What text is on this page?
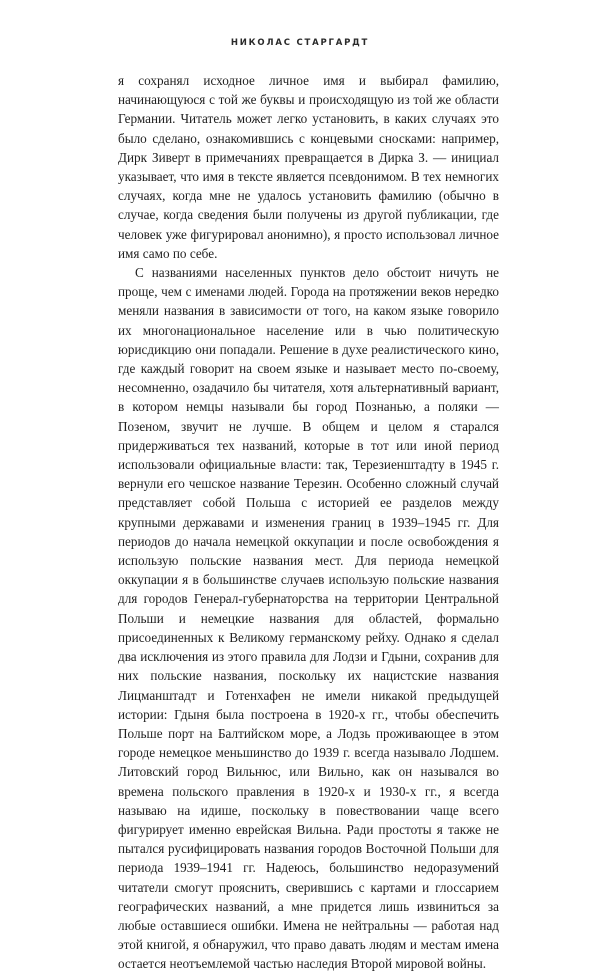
НИКОЛАС СТАРГАРДТ

я сохранял исходное личное имя и выбирал фамилию, начинающуюся с той же буквы и происходящую из той же области Германии. Читатель может легко установить, в каких случаях это было сделано, ознакомившись с концевыми сносками: например, Дирк Зиверт в примечаниях превращается в Дирка З. — инициал указывает, что имя в тексте является псевдонимом. В тех немногих случаях, когда мне не удалось установить фамилию (обычно в случае, когда сведения были получены из другой публикации, где человек уже фигурировал анонимно), я просто использовал личное имя само по себе.

С названиями населенных пунктов дело обстоит ничуть не проще, чем с именами людей. Города на протяжении веков нередко меняли названия в зависимости от того, на каком языке говорило их многонациональное население или в чью политическую юрисдикцию они попадали. Решение в духе реалистического кино, где каждый говорит на своем языке и называет место по-своему, несомненно, озадачило бы читателя, хотя альтернативный вариант, в котором немцы называли бы город Познанью, а поляки — Позеном, звучит не лучше. В общем и целом я старался придерживаться тех названий, которые в тот или иной период использовали официальные власти: так, Терезиенштадту в 1945 г. вернули его чешское название Терезин. Особенно сложный случай представляет собой Польша с историей ее разделов между крупными державами и изменения границ в 1939–1945 гг. Для периодов до начала немецкой оккупации и после освобождения я использую польские названия мест. Для периода немецкой оккупации я в большинстве случаев использую польские названия для городов Генерал-губернаторства на территории Центральной Польши и немецкие названия для областей, формально присоединенных к Великому германскому рейху. Однако я сделал два исключения из этого правила для Лодзи и Гдыни, сохранив для них польские названия, поскольку их нацистские названия Лицманштадт и Готенхафен не имели никакой предыдущей истории: Гдыня была построена в 1920-х гг., чтобы обеспечить Польше порт на Балтийском море, а Лодзь проживающее в этом городе немецкое меньшинство до 1939 г. всегда называло Лодшем. Литовский город Вильнюс, или Вильно, как он назывался во времена польского правления в 1920-х и 1930-х гг., я всегда называю на идише, поскольку в повествовании чаще всего фигурирует именно еврейская Вильна. Ради простоты я также не пытался русифицировать названия городов Восточной Польши для периода 1939–1941 гг. Надеюсь, большинство недоразумений читатели смогут прояснить, сверившись с картами и глоссарием географических названий, а мне придется лишь извиниться за любые оставшиеся ошибки. Имена не нейтральны — работая над этой книгой, я обнаружил, что право давать людям и местам имена остается неотъемлемой частью наследия Второй мировой войны.
